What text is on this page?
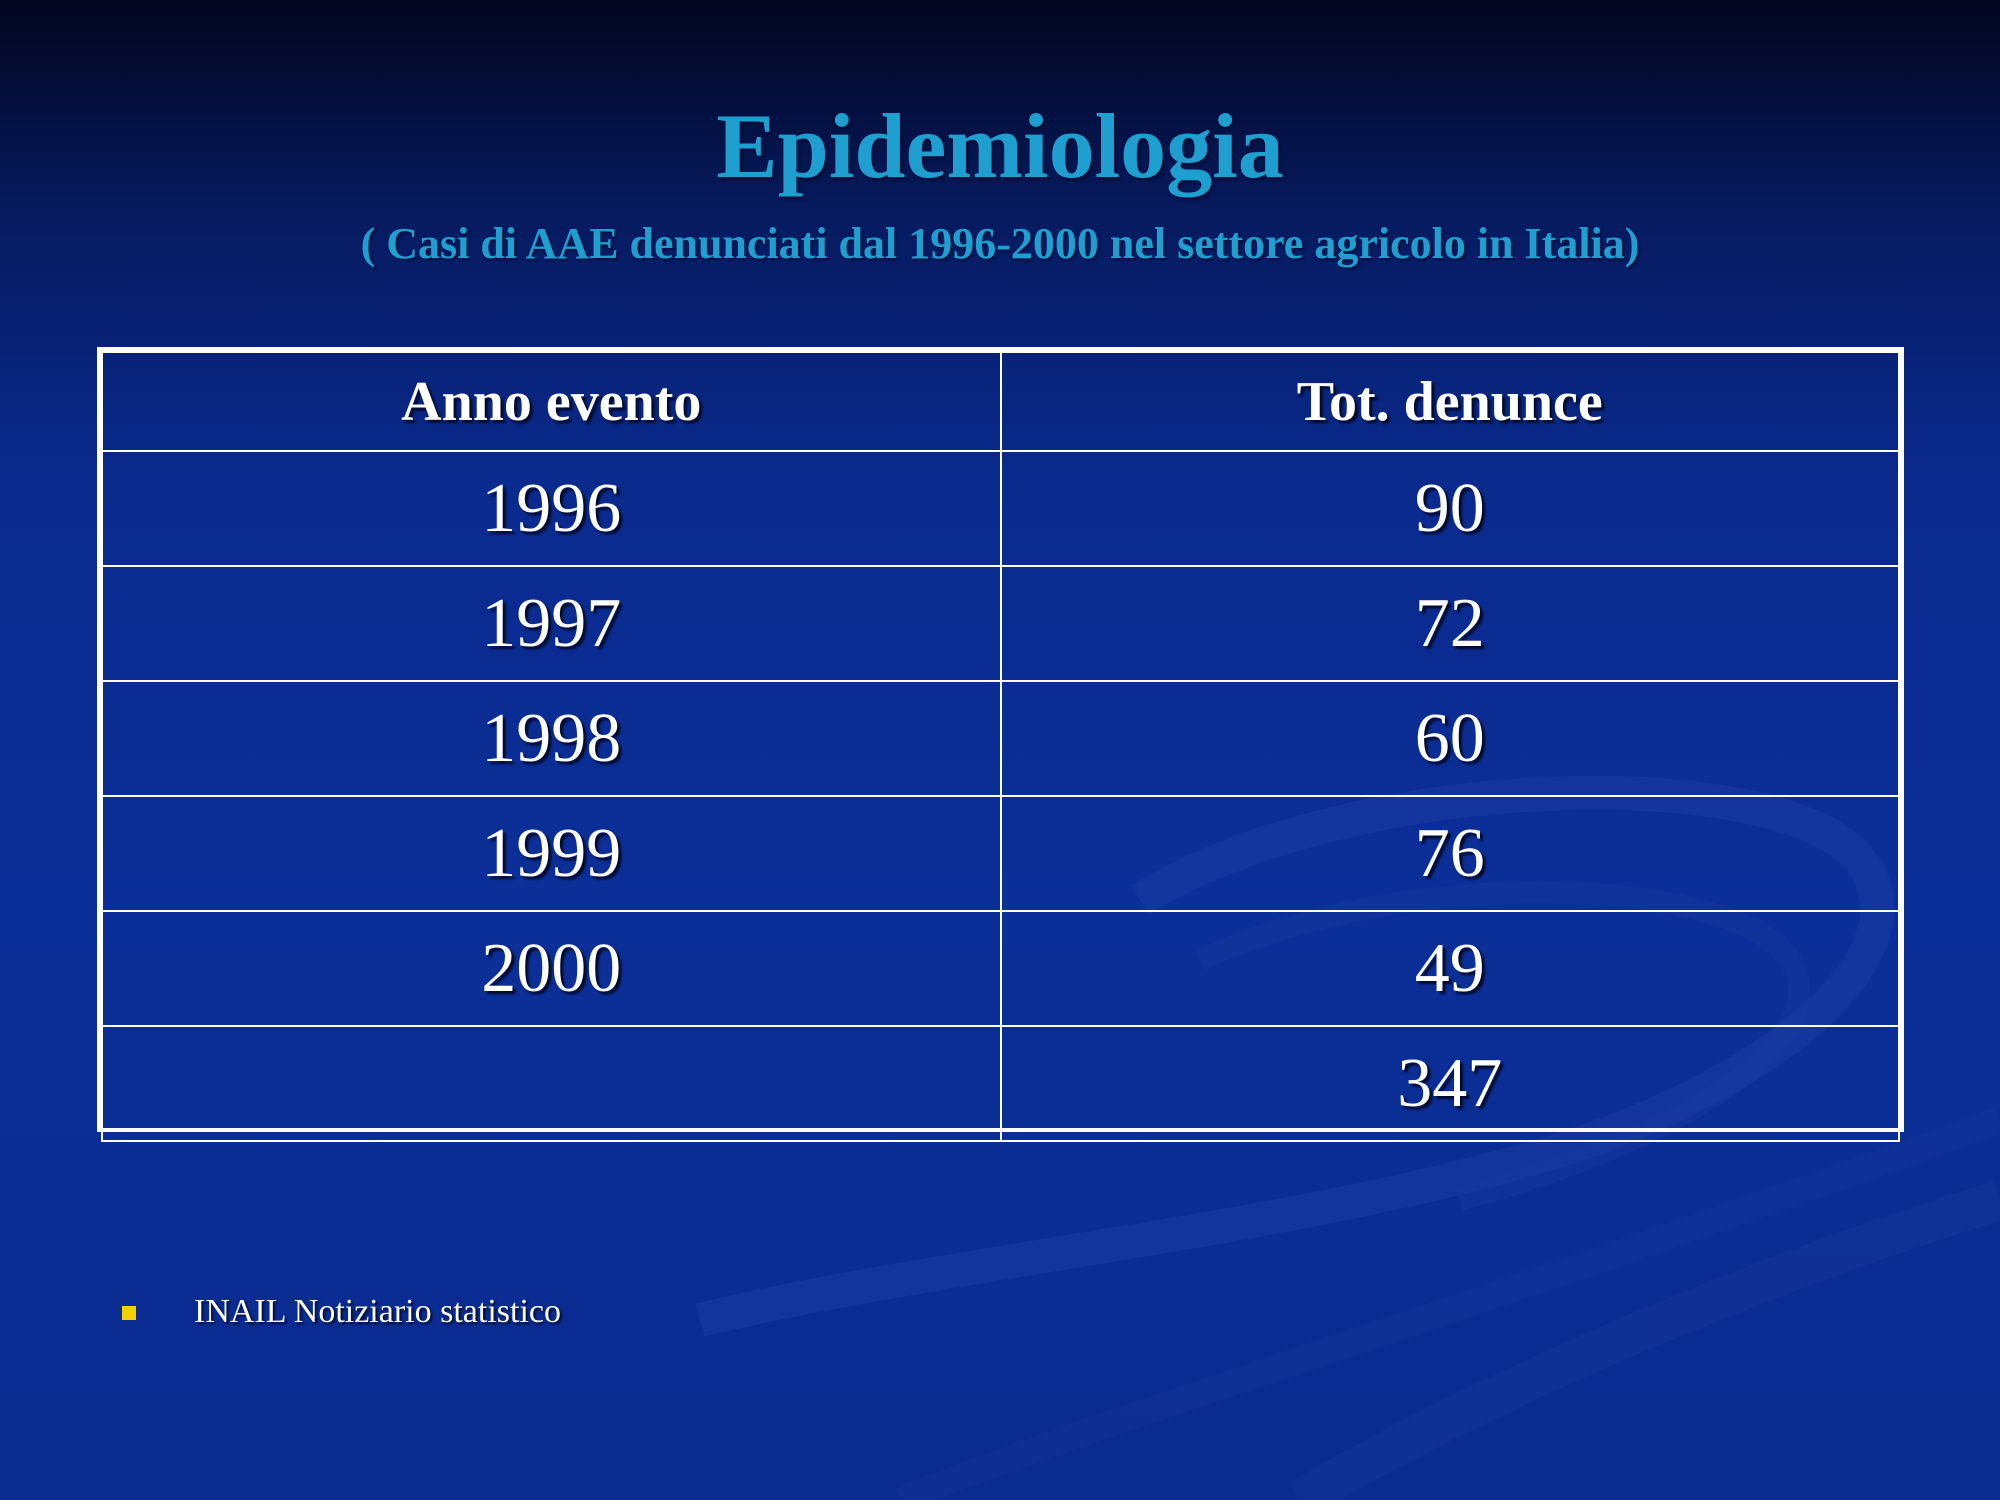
Epidemiologia
( Casi di AAE denunciati dal 1996-2000 nel settore agricolo in Italia)
Anno evento	Tot. denunce
1996	90
1997	72
1998	60
1999	76
2000	49
	347
INAIL Notiziario statistico
